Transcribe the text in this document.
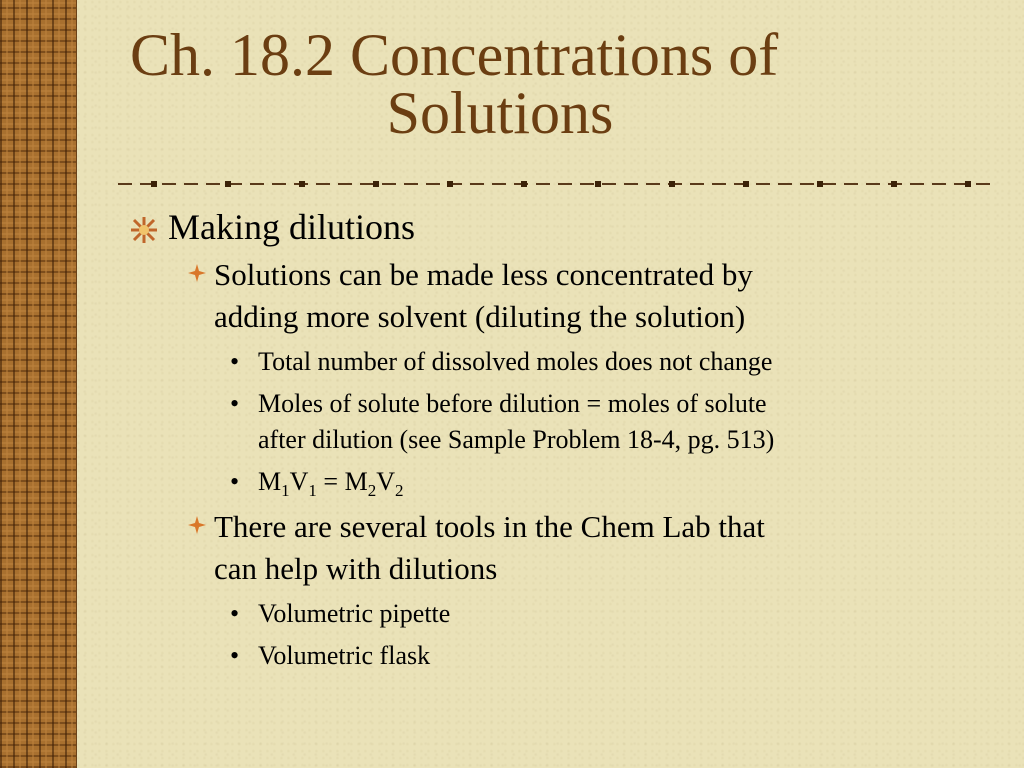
Ch. 18.2 Concentrations of
Solutions
Making dilutions
Solutions can be made less concentrated by
adding more solvent (diluting the solution)
• Total number of dissolved moles does not change
• Moles of solute before dilution = moles of solute
after dilution (see Sample Problem 18-4, pg. 513)
• $M_1V_1 = M_2V_2$
There are several tools in the Chem Lab that
can help with dilutions
• Volumetric pipette
• Volumetric flask
